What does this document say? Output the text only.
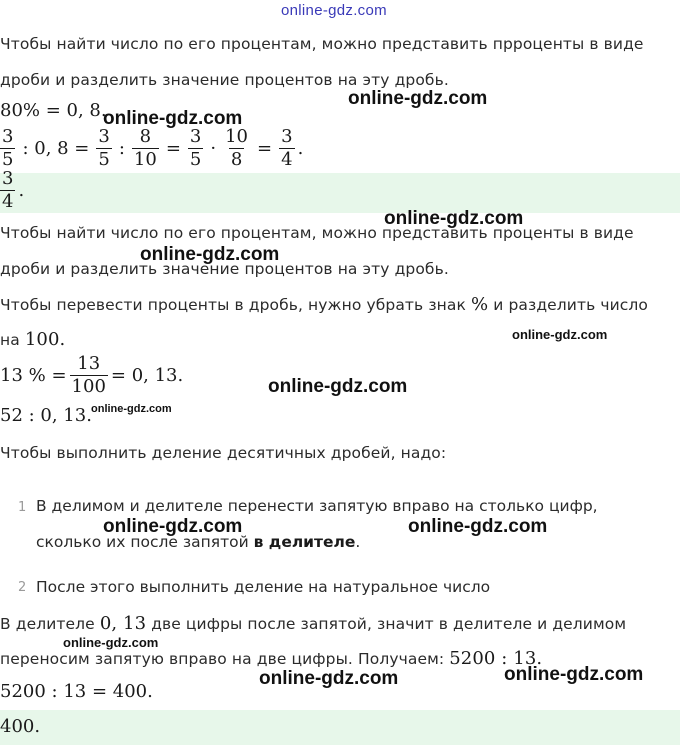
online-gdz.com
Чтобы найти число по его процентам, можно представить прроценты в виде
дроби и разделить значение процентов на эту дробь.
80% = 0, 8.
$\frac{3}{5}$ : 0, $8 = \frac{3}{5}$ : $\frac{8}{10} = \frac{3}{5} \cdot \frac{10}{8} = \frac{3}{4}$ .
$\frac{3}{4}$ .
Чтобы найти число по его процентам, можно представить проценты в виде
дроби и разделить значение процентов на эту дробь.
Чтобы перевести проценты в дробь, нужно убрать знак % и разделить число
на 100.
13 % = $\frac{13}{100} = 0$, 13.
52 : 0, 13.
Чтобы выполнить деление десятичных дробей, надо:
1 В делимом и делителе перенести запятую вправо на столько цифр,
сколько их после запятой в делителе.
2 После этого выполнить деление на натуральное число
В делителе 0, 13 две цифры после запятой, значит в делителе и делимом
переносим запятую вправо на две цифры. Получаем: 5200 : 13.
5200 : 13 = 400.
400.
online-gdz.com
online-gdz.com
online-gdz.com
online-gdz.com
online-gdz.com
online-gdz.com
online-gdz.com
online-gdz.com	online-gdz.com
online-gdz.com
online-gdz.com	online-gdz.com
